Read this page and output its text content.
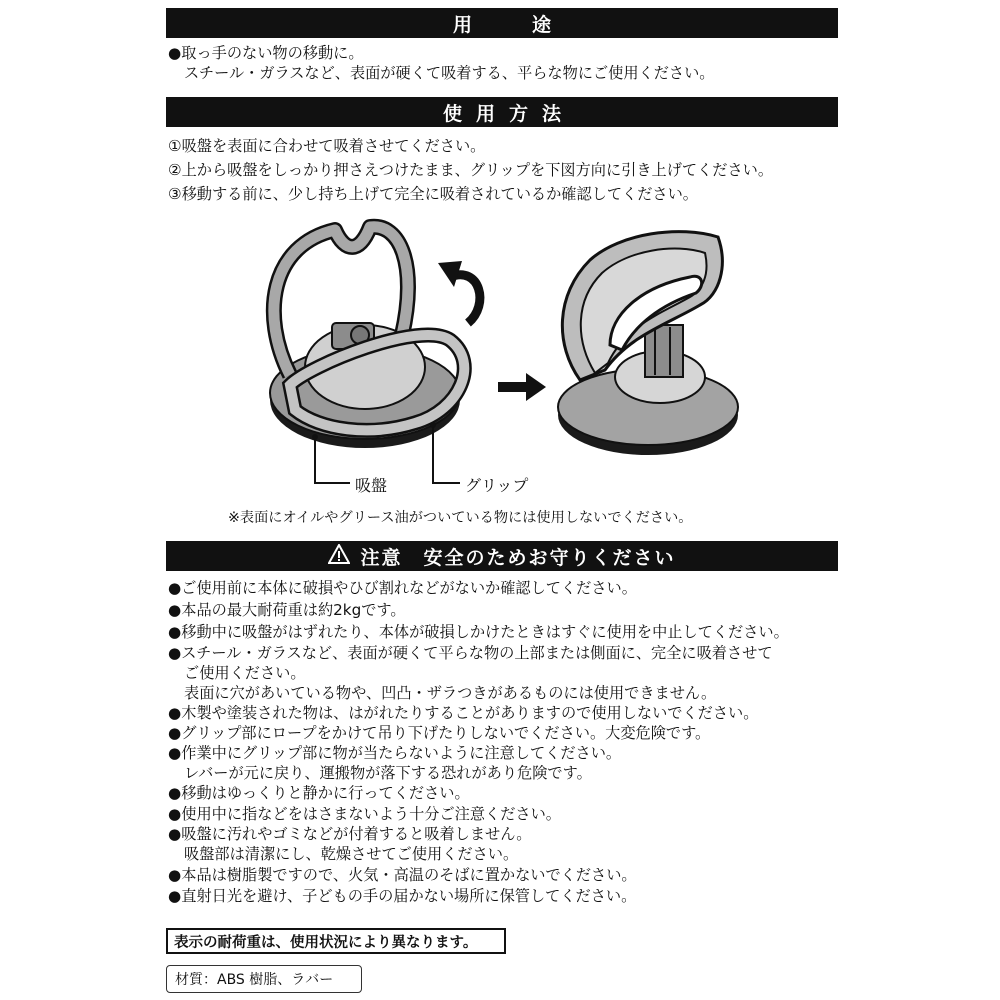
用途
●取っ手のない物の移動に。
スチール・ガラスなど、表面が硬くて吸着する、平らな物にご使用ください。
使用方法
①吸盤を表面に合わせて吸着させてください。
②上から吸盤をしっかり押さえつけたまま、グリップを下図方向に引き上げてください。
③移動する前に、少し持ち上げて完全に吸着されているか確認してください。
吸盤	グリップ
※表面にオイルやグリース油がついている物には使用しないでください。
注意　安全のためお守りください
●ご使用前に本体に破損やひび割れなどがないか確認してください。
●本品の最大耐荷重は約2kgです。
●移動中に吸盤がはずれたり、本体が破損しかけたときはすぐに使用を中止してください。
●スチール・ガラスなど、表面が硬くて平らな物の上部または側面に、完全に吸着させて
ご使用ください。
表面に穴があいている物や、凹凸・ザラつきがあるものには使用できません。
●木製や塗装された物は、はがれたりすることがありますので使用しないでください。
●グリップ部にロープをかけて吊り下げたりしないでください。大変危険です。
●作業中にグリップ部に物が当たらないように注意してください。
レバーが元に戻り、運搬物が落下する恐れがあり危険です。
●移動はゆっくりと静かに行ってください。
●使用中に指などをはさまないよう十分ご注意ください。
●吸盤に汚れやゴミなどが付着すると吸着しません。
吸盤部は清潔にし、乾燥させてご使用ください。
●本品は樹脂製ですので、火気・高温のそばに置かないでください。
●直射日光を避け、子どもの手の届かない場所に保管してください。
表示の耐荷重は、使用状況により異なります。
材質：ABS 樹脂、ラバー
